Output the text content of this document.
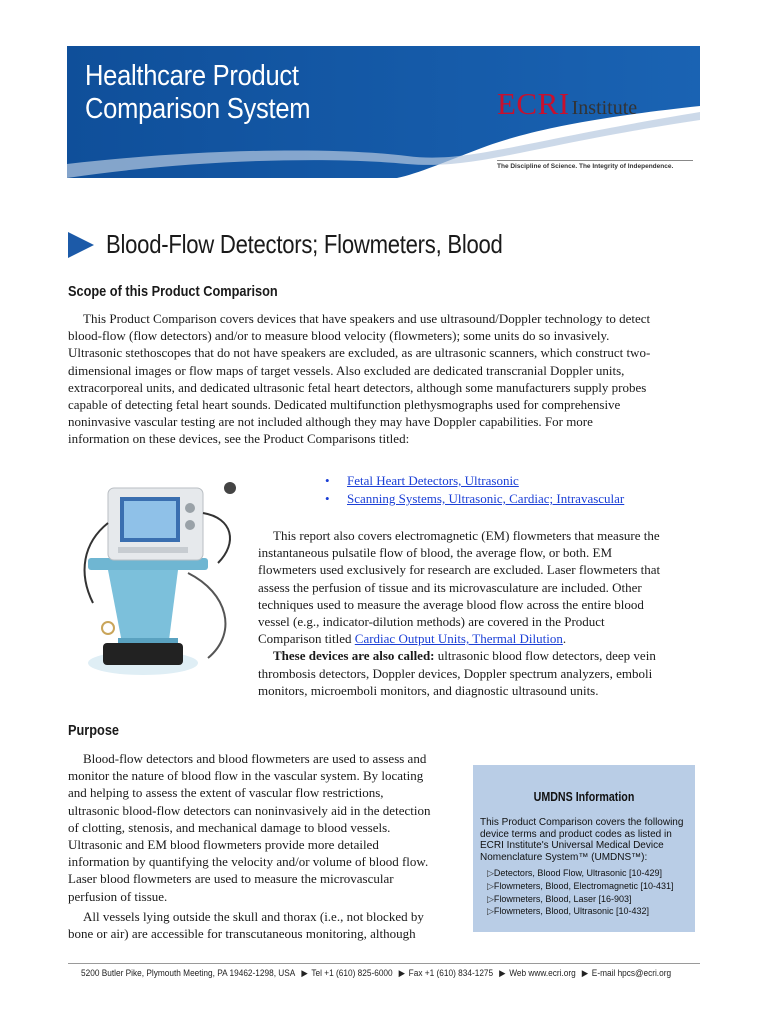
Healthcare Product
Comparison System	ECRI Institute
The Discipline of Science. The Integrity of Independence.
Blood-Flow Detectors; Flowmeters, Blood
Scope of this Product Comparison
This Product Comparison covers devices that have speakers and use ultrasound/Doppler technology to detect
blood-flow (flow detectors) and/or to measure blood velocity (flowmeters); some units do so invasively.
Ultrasonic stethoscopes that do not have speakers are excluded, as are ultrasonic scanners, which construct two-
dimensional images or flow maps of target vessels. Also excluded are dedicated transcranial Doppler units,
extracorporeal units, and dedicated ultrasonic fetal heart detectors, although some manufacturers supply probes
capable of detecting fetal heart sounds. Dedicated multifunction plethysmographs used for comprehensive
noninvasive vascular testing are not included although they may have Doppler capabilities. For more
information on these devices, see the Product Comparisons titled:
• Fetal Heart Detectors, Ultrasonic
• Scanning Systems, Ultrasonic, Cardiac; Intravascular
This report also covers electromagnetic (EM) flowmeters that measure the
instantaneous pulsatile flow of blood, the average flow, or both. EM
flowmeters used exclusively for research are excluded. Laser flowmeters that
assess the perfusion of tissue and its microvasculature are included. Other
techniques used to measure the average blood flow across the entire blood
vessel (e.g., indicator-dilution methods) are covered in the Product
Comparison titled Cardiac Output Units, Thermal Dilution.
These devices are also called: ultrasonic blood flow detectors, deep vein
thrombosis detectors, Doppler devices, Doppler spectrum analyzers, emboli
monitors, microemboli monitors, and diagnostic ultrasound units.
Purpose
Blood-flow detectors and blood flowmeters are used to assess and
monitor the nature of blood flow in the vascular system. By locating
and helping to assess the extent of vascular flow restrictions,
ultrasonic blood-flow detectors can noninvasively aid in the detection
of clotting, stenosis, and mechanical damage to blood vessels.
Ultrasonic and EM blood flowmeters provide more detailed
information by quantifying the velocity and/or volume of blood flow.
Laser blood flowmeters are used to measure the microvascular
perfusion of tissue.
All vessels lying outside the skull and thorax (i.e., not blocked by
bone or air) are accessible for transcutaneous monitoring, although
UMDNS Information
This Product Comparison covers the following
device terms and product codes as listed in
ECRI Institute's Universal Medical Device
Nomenclature System™ (UMDNS™):
▷Detectors, Blood Flow, Ultrasonic [10-429]
▷Flowmeters, Blood, Electromagnetic [10-431]
▷Flowmeters, Blood, Laser [16-903]
▷Flowmeters, Blood, Ultrasonic [10-432]
5200 Butler Pike, Plymouth Meeting, PA 19462-1298, USA ▶ Tel +1 (610) 825-6000 ▶ Fax +1 (610) 834-1275 ▶ Web www.ecri.org ▶ E-mail hpcs@ecri.org
